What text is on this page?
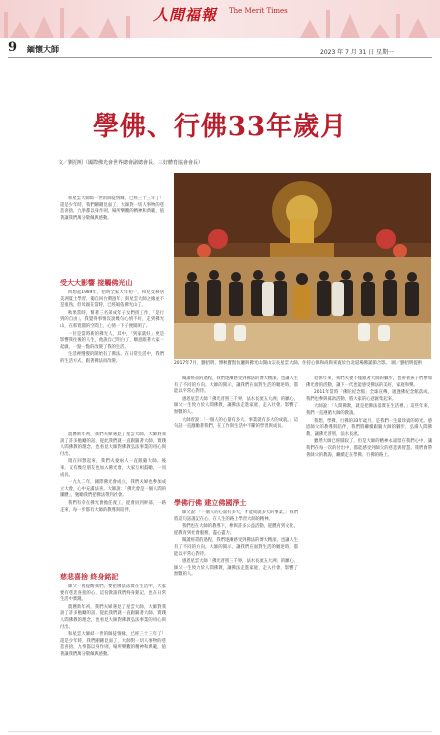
人間福報 The Merit Times
9 緬懷大師	2023 年 7 月 31 日 星期一
學佛、行佛33年歲月
文／劉招明（國際佛光會世界總會副總會長、三好體育協會會長）
2017年7月，劉招明、傅秋寶賢伉儷與佛光山開山宗長星雲大師、住持心保和尚與來賓於台北道場佛誕節合影。 圖／劉招明提供

和星雲大師結一世的師徒情緣，已經三十三年了！還是少年時，我們剛剛見面了，大師對一切人事物的慈悲喜捨，九拳都以身作則，場所樂觀的精神和典範，值著讓我們萬分敬佩與感動。

受大大影響 接觸佛光山

回想起1989年，招明全家大年初一，和兒女移居美洲夏土學習，獨自回台灣過年，與星雲大師之緣並不是很熟，但母親在當時，已經皈依佛光山了。

秋果當時，幫著三名弟成年子女們找工作，「是行到的自由」，我覺得事情沒說幾句心情不好，走到佛光山，在那寬闊的空間上，心情一下子便開朗了。

一位是當時新的佛光人，其中，「到家就好」更是影響我往後的人生，他說自己明白了，願意跟著大家一起做，一點一點的改變了我的生活。

生活裡慢慢的開始有了佛法。在日常生活中，我們的生活方式，跟著佛法而改變。

農曆新年初，我們夫婦遇見了星雲大師，大師對我說了許多勉勵的話，從此我們就一直跟隨著大師，實踐人間佛教的理念，也看見大師對佛教弘法事業的用心與付出。

現在回想起來，我們夫妻兩人一直跟隨大師。後來，又有幾位朋友也加入佛光會，大家互相鼓勵，一同成長。

一九九二年，國際佛光會成立，我們夫婦也參加成立大會，心中充滿法喜。大師說：「佛光會是一個人間的團體」，勉勵我們把佛法帶到社會。

我們有幸在佛光會擔任義工，從會員到幹部，一路走來，每一步都有大師的教導與陪伴。

慈悲喜捨 終身銘記

師父一再提醒我們，要把佛法落實在生活中，大家要有慈悲喜捨的心，這份教誨我們終身銘記，也在日常生活中實踐。

農曆新年初，我們夫婦遇見了星雲大師，大師對我說了許多勉勵的話，從此我們就一直跟隨著大師，實踐人間佛教的理念，也看見大師對佛教弘法事業的用心與付出。

和星雲大師結一世的師徒情緣，已經三十三年了！還是少年時，我們剛剛見面了，大師對一切人事物的慈悲喜捨，九拳都以身作則，場所樂觀的精神和典範，值著讓我們萬分敬佩與感動。

閱讀經書的過程，我們逐漸感受到佛法的博大精深，也讓人生有了不同的方向。大師的開示，讓我們在面對生活的順逆時，都能以平常心對待。

感恩星雲大師「佛光普照三千界，法水長流五大洲」的願心，師父一生致力於人間佛教，讓佛法走進家庭、走入社會，影響了無數的人。

大師曾說：「一個人的心量有多大，事業就有多大的成就。」這句話一直激勵著我們，在工作與生活中不斷的學習與成長。

學佛行佛 建立佛國淨土

師父說：「一個人的心量有多大，才能成就多大的事業。」我們將這句話謹記在心，在人生的路上學習大師的精神。

我們也在大師的教導下，參與許多公益活動，從體育到文化，從教育到社會服務，盡心盡力。

閱讀經書的過程，我們逐漸感受到佛法的博大精深，也讓人生有了不同的方向。大師的開示，讓我們在面對生活的順逆時，都能以平常心對待。

感恩星雲大師「佛光普照三千界，法水長流五大洲」的願心，師父一生致力於人間佛教，讓佛法走進家庭、走入社會，影響了無數的人。

退休年來，我們夫妻不僅跟著大師的腳步，也帶著孩子們參加佛光會的活動，讓下一代也能感受佛法的美好，家庭和樂。

2011年當時「佛陀紀念館」全球宣傳，適逢佛紀念館落成，我們也參與募款活動，將大家的心意匯集起來。

大師說：「人間佛教，就是把佛法落實在生活裡。」這些年來，我們一直遵循大師的教誨。

我想，學佛、行佛的33年歲月，是我們一生最珍貴的時光。感恩師父的教導與陪伴，我們將繼續跟隨大師的腳步，弘揚人間佛教，讓佛光普照，法水長流。

雖然大師已經圓寂了，但是大師的精神永遠留在我們心中，讓我們在每一次的付出中，都能感受到師父的慈悲與智慧。我們會帶著師父的教誨，繼續走在學佛、行佛的路上。
